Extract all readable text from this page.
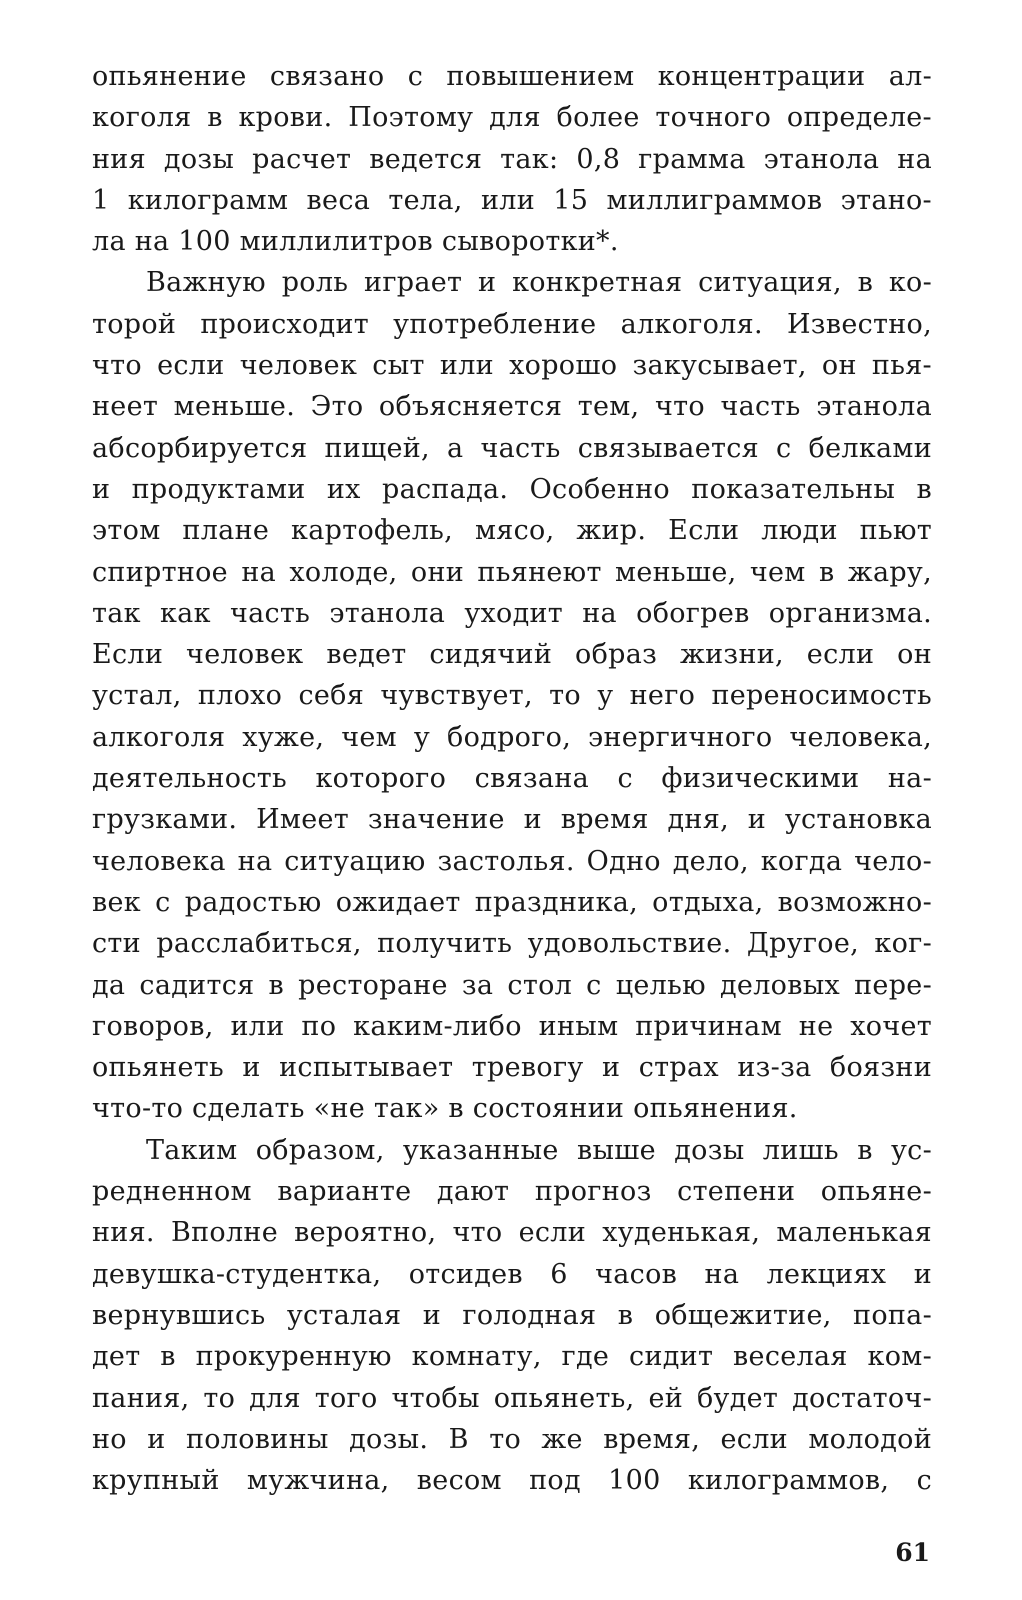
опьянение связано с повышением концентрации ал-
коголя в крови. Поэтому для более точного определе-
ния дозы расчет ведется так: 0,8 грамма этанола на
1 килограмм веса тела, или 15 миллиграммов этано-
ла на 100 миллилитров сыворотки*.
Важную роль играет и конкретная ситуация, в ко-
торой происходит употребление алкоголя. Известно,
что если человек сыт или хорошо закусывает, он пья-
неет меньше. Это объясняется тем, что часть этанола
абсорбируется пищей, а часть связывается с белками
и продуктами их распада. Особенно показательны в
этом плане картофель, мясо, жир. Если люди пьют
спиртное на холоде, они пьянеют меньше, чем в жару,
так как часть этанола уходит на обогрев организма.
Если человек ведет сидячий образ жизни, если он
устал, плохо себя чувствует, то у него переносимость
алкоголя хуже, чем у бодрого, энергичного человека,
деятельность которого связана с физическими на-
грузками. Имеет значение и время дня, и установка
человека на ситуацию застолья. Одно дело, когда чело-
век с радостью ожидает праздника, отдыха, возможно-
сти расслабиться, получить удовольствие. Другое, ког-
да садится в ресторане за стол с целью деловых пере-
говоров, или по каким-либо иным причинам не хочет
опьянеть и испытывает тревогу и страх из-за боязни
что-то сделать «не так» в состоянии опьянения.
Таким образом, указанные выше дозы лишь в ус-
редненном варианте дают прогноз степени опьяне-
ния. Вполне вероятно, что если худенькая, маленькая
девушка-студентка, отсидев 6 часов на лекциях и
вернувшись усталая и голодная в общежитие, попа-
дет в прокуренную комнату, где сидит веселая ком-
пания, то для того чтобы опьянеть, ей будет достаточ-
но и половины дозы. В то же время, если молодой
крупный мужчина, весом под 100 килограммов, с
61
